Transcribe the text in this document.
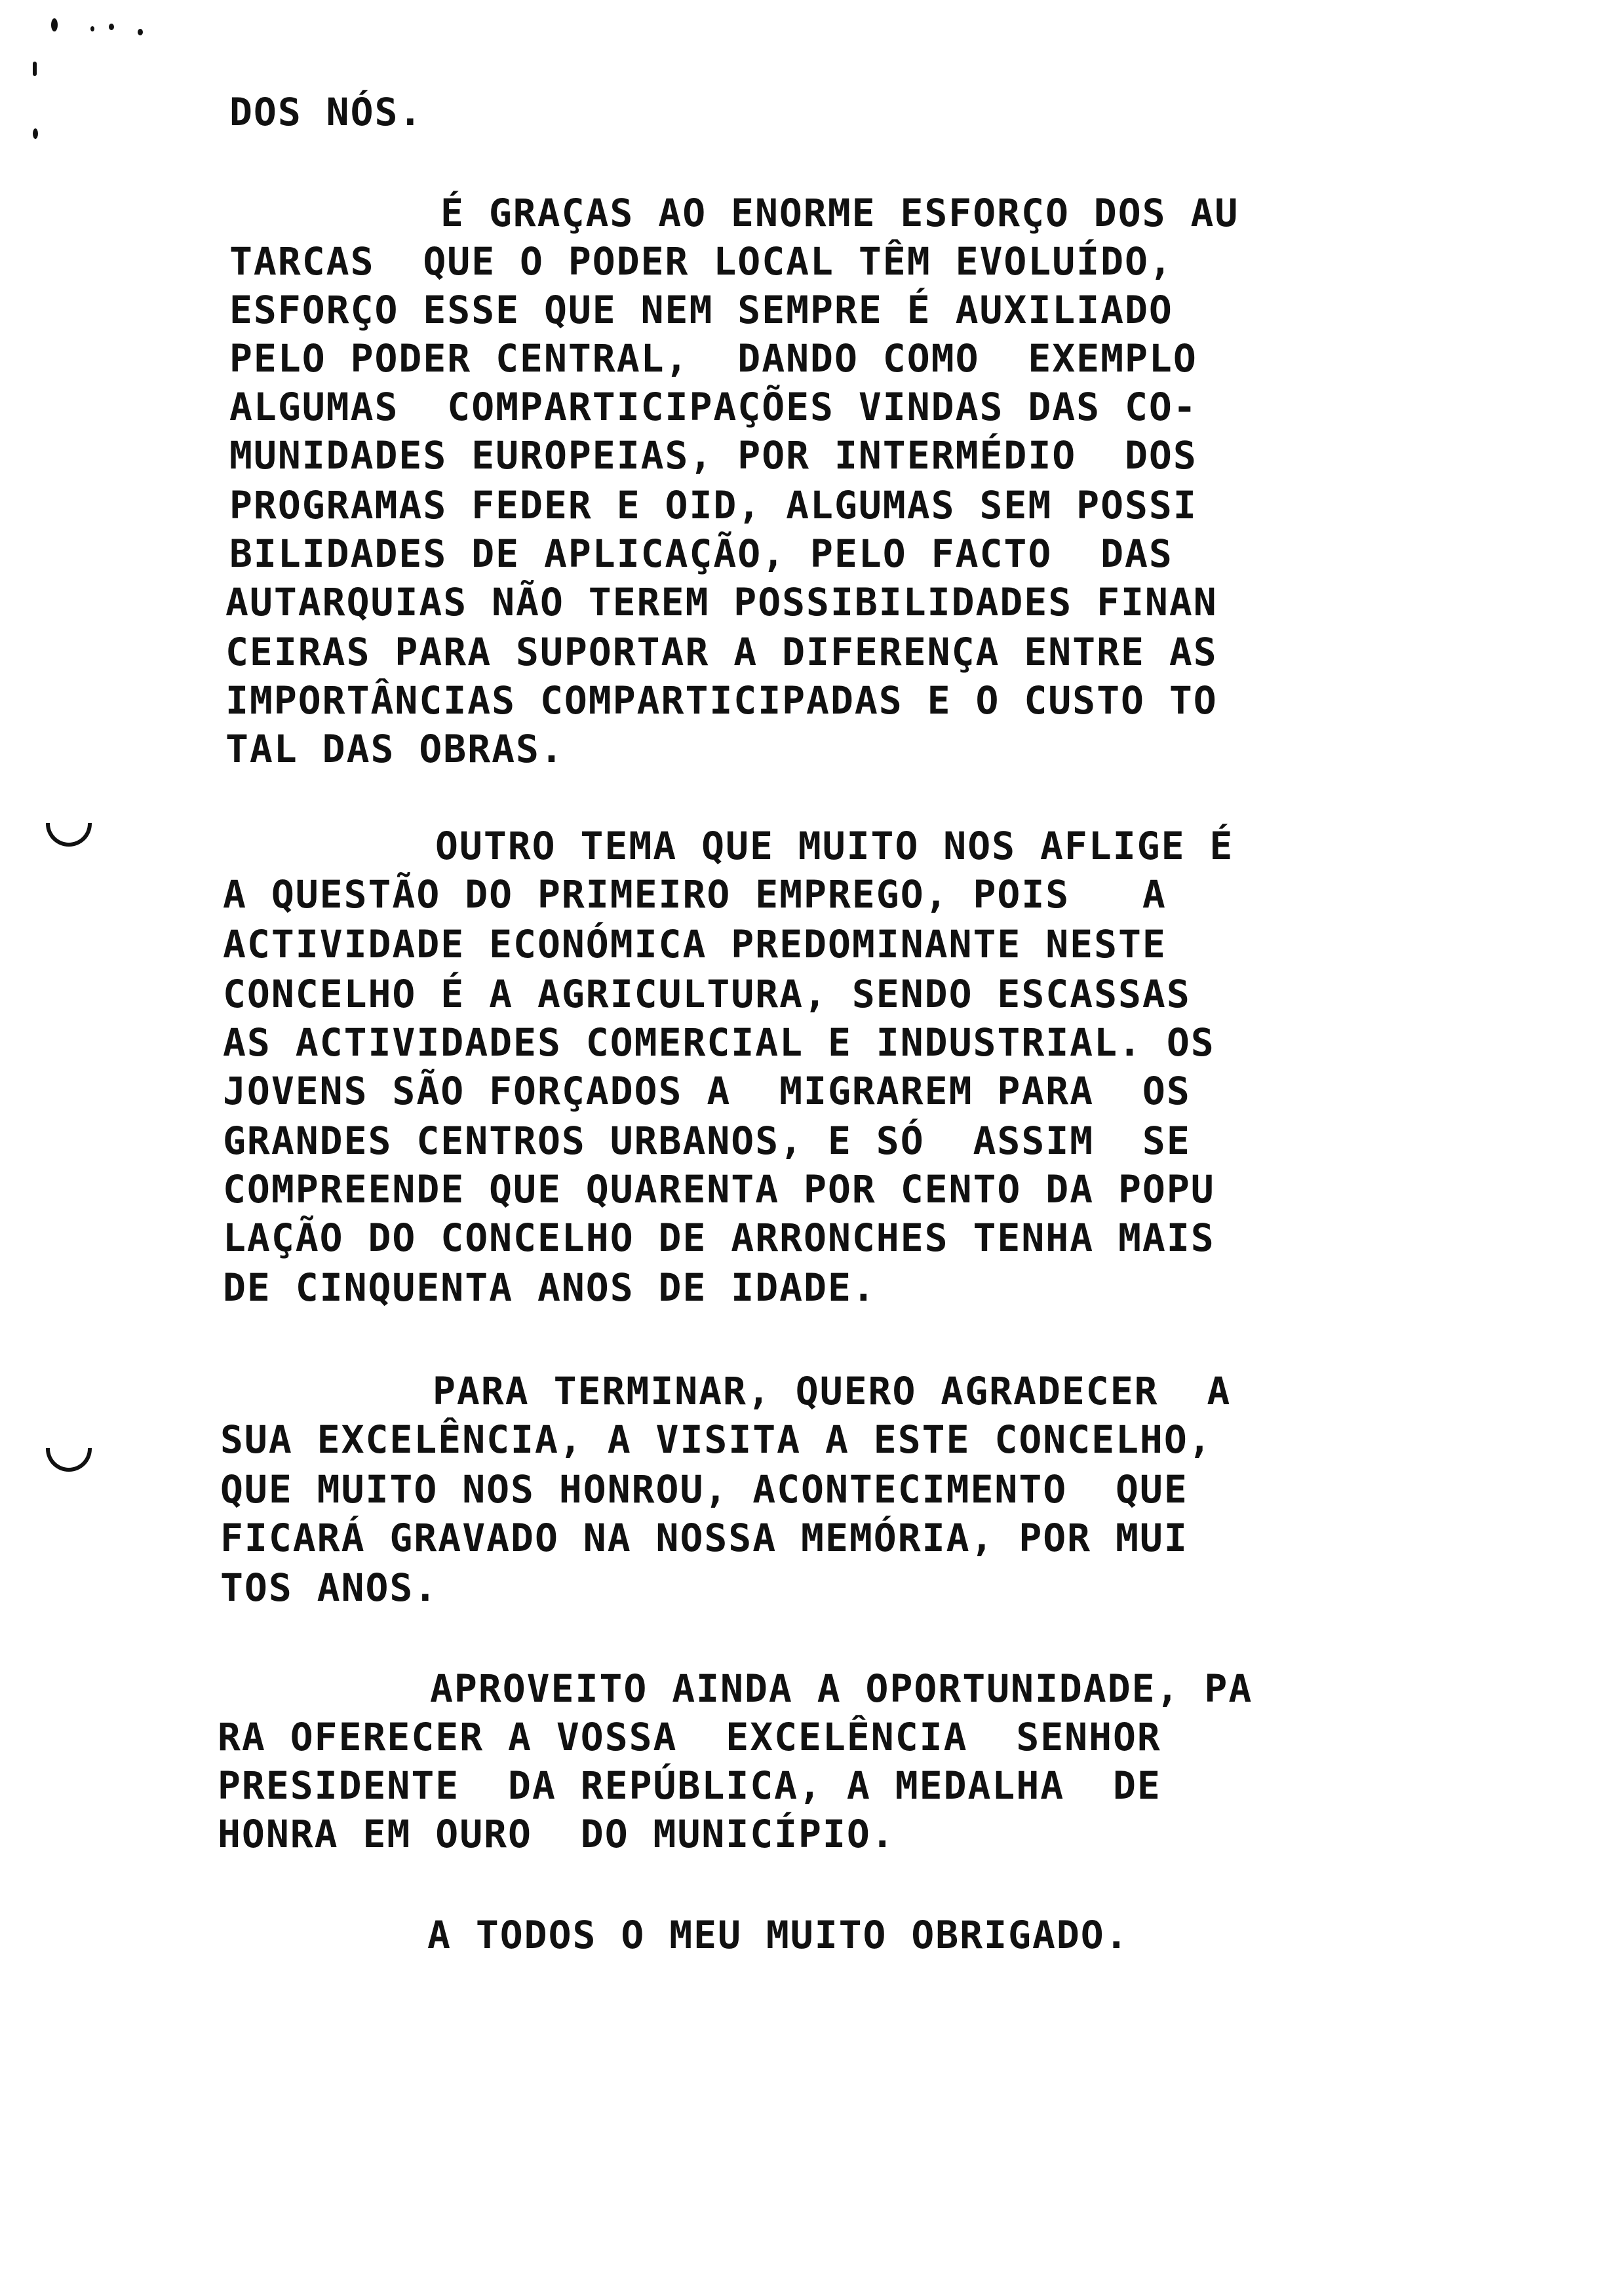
DOS NÓS.
É GRAÇAS AO ENORME ESFORÇO DOS AU
TARCAS  QUE O PODER LOCAL TÊM EVOLUÍDO,
ESFORÇO ESSE QUE NEM SEMPRE É AUXILIADO
PELO PODER CENTRAL,  DANDO COMO  EXEMPLO
ALGUMAS  COMPARTICIPAÇÕES VINDAS DAS CO-
MUNIDADES EUROPEIAS, POR INTERMÉDIO  DOS
PROGRAMAS FEDER E OID, ALGUMAS SEM POSSI
BILIDADES DE APLICAÇÃO, PELO FACTO  DAS
AUTARQUIAS NÃO TEREM POSSIBILIDADES FINAN
CEIRAS PARA SUPORTAR A DIFERENÇA ENTRE AS
IMPORTÂNCIAS COMPARTICIPADAS E O CUSTO TO
TAL DAS OBRAS.
OUTRO TEMA QUE MUITO NOS AFLIGE É
A QUESTÃO DO PRIMEIRO EMPREGO, POIS   A
ACTIVIDADE ECONÓMICA PREDOMINANTE NESTE
CONCELHO É A AGRICULTURA, SENDO ESCASSAS
AS ACTIVIDADES COMERCIAL E INDUSTRIAL. OS
JOVENS SÃO FORÇADOS A  MIGRAREM PARA  OS
GRANDES CENTROS URBANOS, E SÓ  ASSIM  SE
COMPREENDE QUE QUARENTA POR CENTO DA POPU
LAÇÃO DO CONCELHO DE ARRONCHES TENHA MAIS
DE CINQUENTA ANOS DE IDADE.
PARA TERMINAR, QUERO AGRADECER  A
SUA EXCELÊNCIA, A VISITA A ESTE CONCELHO,
QUE MUITO NOS HONROU, ACONTECIMENTO  QUE
FICARÁ GRAVADO NA NOSSA MEMÓRIA, POR MUI
TOS ANOS.
APROVEITO AINDA A OPORTUNIDADE, PA
RA OFERECER A VOSSA  EXCELÊNCIA  SENHOR
PRESIDENTE  DA REPÚBLICA, A MEDALHA  DE
HONRA EM OURO  DO MUNICÍPIO.
A TODOS O MEU MUITO OBRIGADO.
